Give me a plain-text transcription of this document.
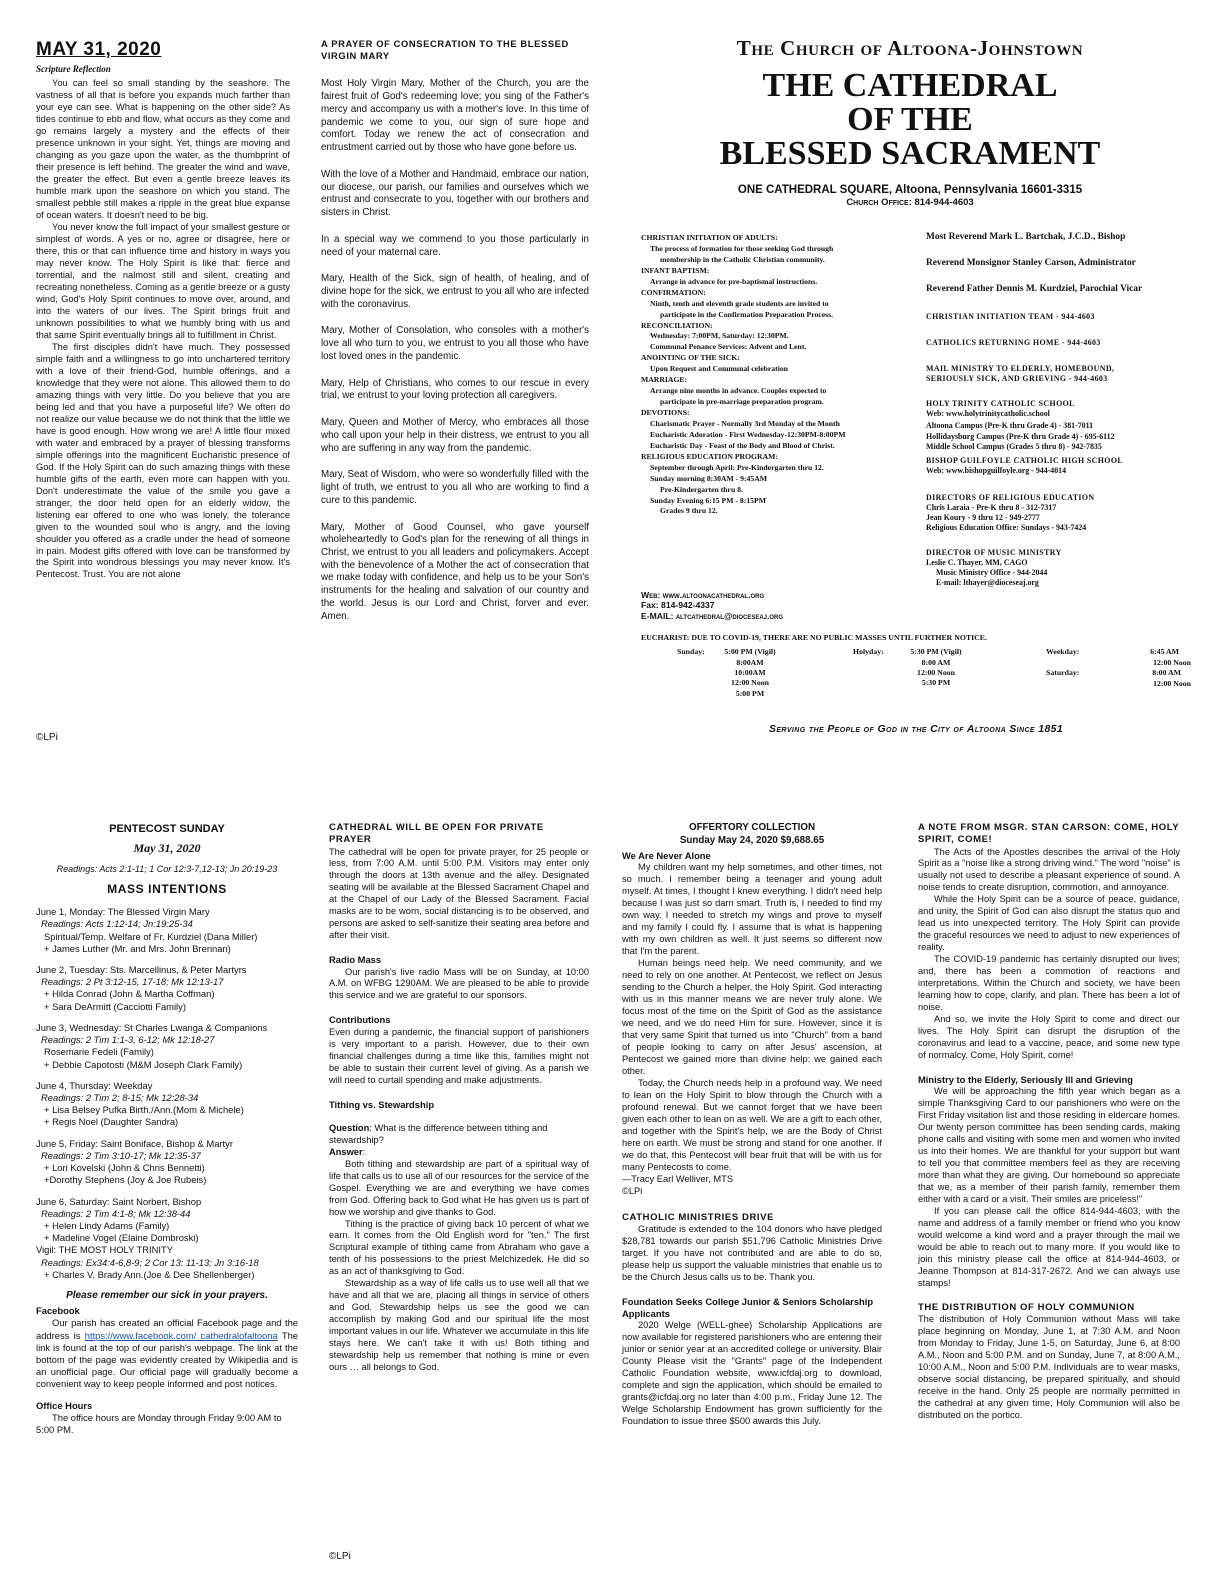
MAY 31, 2020
Scripture Reflection

You can feel so small standing by the seashore. The vastness of all that is before you expands much farther than your eye can see. What is happening on the other side? As tides continue to ebb and flow, what occurs as they come and go remains largely a mystery and the effects of their presence unknown in your sight. Yet, things are moving and changing as you gaze upon the water, as the thumbprint of their presence is left behind. The greater the wind and wave, the greater the effect. But even a gentle breeze leaves its humble mark upon the seashore on which you stand. The smallest pebble still makes a ripple in the great blue expanse of ocean waters. It doesn't need to be big.

You never know the full impact of your smallest gesture or simplest of words. A yes or no, agree or disagree, here or there, this or that can influence time and history in ways you may never know. The Holy Spirit is like that: fierce and torrential, and the nalmost still and silent, creating and recreating nonetheless. Coming as a gentle breeze or a gusty wind, God's Holy Spirit continues to move over, around, and into the waters of our lives. The Spirit brings fruit and unknown possibilities to what we humbly bring with us and that same Spirit eventually brings all to fulfillment in Christ.

The first disciples didn't have much. They possessed simple faith and a willingness to go into unchartered territory with a love of their friend-God, humble offerings, and a knowledge that they were not alone. This allowed them to do amazing things with very little. Do you believe that you are being led and that you have a purposeful life? We often do not realize our value because we do not think that the little we have is good enough. How wrong we are! A little flour mixed with water and embraced by a prayer of blessing transforms simple offerings into the magnificent Eucharistic presence of God. If the Holy Spirit can do such amazing things with these humble gifts of the earth, even more can happen with you. Don't underestimate the value of the smile you gave a stranger, the door held open for an elderly widow, the listening ear offered to one who was lonely, the tolerance given to the wounded soul who is angry, and the loving shoulder you offered as a cradle under the head of someone in pain. Modest gifts offered with love can be transformed by the Spirit into wondrous blessings you may never know. It's Pentecost. Trust. You are not alone

©LPi
A PRAYER OF CONSECRATION TO THE BLESSED VIRGIN MARY

Most Holy Virgin Mary, Mother of the Church, you are the fairest fruit of God's redeeming love; you sing of the Father's mercy and accompany us with a mother's love. In this time of pandemic we come to you, our sign of sure hope and comfort. Today we renew the act of consecration and entrustment carried out by those who have gone before us.

With the love of a Mother and Handmaid, embrace our nation, our diocese, our parish, our families and ourselves which we entrust and consecrate to you, together with our brothers and sisters in Christ.

In a special way we commend to you those particularly in need of your maternal care.

Mary, Health of the Sick, sign of health, of healing, and of divine hope for the sick, we entrust to you all who are infected with the coronavirus.

Mary, Mother of Consolation, who consoles with a mother's love all who turn to you, we entrust to you all those who have lost loved ones in the pandemic.

Mary, Help of Christians, who comes to our rescue in every trial, we entrust to your loving protection all caregivers.

Mary, Queen and Mother of Mercy, who embraces all those who call upon your help in their distress, we entrust to you all who are suffering in any way from the pandemic.

Mary, Seat of Wisdom, who were so wonderfully filled with the light of truth, we entrust to you all who are working to find a cure to this pandemic.

Mary, Mother of Good Counsel, who gave yourself wholeheartedly to God's plan for the renewing of all things in Christ, we entrust to you all leaders and policymakers. Accept with the benevolence of a Mother the act of consecration that we make today with confidence, and help us to be your Son's instruments for the healing and salvation of our country and the world. Jesus is our Lord and Christ, forver and ever. Amen.

The Church of Altoona-Johnstown
THE CATHEDRAL
OF THE
BLESSED SACRAMENT
ONE CATHEDRAL SQUARE, Altoona, Pennsylvania 16601-3315
Church Office: 814-944-4603
CHRISTIAN INITIATION OF ADULTS:
The process of formation for those seeking God through
membership in the Catholic Christian community.
INFANT BAPTISM:
Arrange in advance for pre-baptismal instructions.
CONFIRMATION:
Ninth, tenth and eleventh grade students are invited to
participate in the Confirmation Preparation Process.
RECONCILIATION:
Wednesday: 7:00PM, Saturday: 12:30PM.
Communal Penance Services: Advent and Lent.
ANOINTING OF THE SICK:
Upon Request and Communal celebration
MARRIAGE:
Arrange nine months in advance. Couples expected to
participate in pre-marriage preparation program.
DEVOTIONS:
Charismatic Prayer - Normally 3rd Monday of the Month
Eucharistic Adoration - First Wednesday-12:30PM-8:00PM
Eucharistic Day - Feast of the Body and Blood of Christ.
RELIGIOUS EDUCATION PROGRAM:
September through April: Pre-Kindergarten thru 12.
Sunday morning 8:30AM - 9:45AM
Pre-Kindergarten thru 8.
Sunday Evening 6:15 PM - 8:15PM
Grades 9 thru 12.
Web: www.altoonacathedral.org
Fax: 814-942-4337
E-MAIL: altcathedral@dioceseaj.org
Most Reverend Mark L. Bartchak, J.C.D., Bishop
Reverend Monsignor Stanley Carson, Administrator
Reverend Father Dennis M. Kurdziel, Parochial Vicar
CHRISTIAN INITIATION TEAM - 944-4603
CATHOLICS RETURNING HOME - 944-4603
MAIL MINISTRY TO ELDERLY, HOMEBOUND,
SERIOUSLY SICK, AND GRIEVING - 944-4603
HOLY TRINITY CATHOLIC SCHOOL
Web: www.holytrinitycatholic.school
Altoona Campus (Pre-K thru Grade 4) - 381-7011
Hollidaysburg Campus (Pre-K thru Grade 4) - 695-6112
Middle School Campus (Grades 5 thru 8) - 942-7835
BISHOP GUILFOYLE CATHOLIC HIGH SCHOOL
Web: www.bishopguilfoyle.org - 944-4014
DIRECTORS OF RELIGIOUS EDUCATION
Chris Laraia - Pre-K thru 8 - 312-7317
Jean Koury - 9 thru 12 - 949-2777
Religious Education Office: Sundays - 943-7424
DIRECTOR OF MUSIC MINISTRY
Leslie C. Thayer, MM, CAGO
Music Ministry Office - 944-2044
E-mail: lthayer@dioceseaj.org
EUCHARIST: DUE TO COVID-19, THERE ARE NO PUBLIC MASSES UNTIL FURTHER NOTICE.
Sunday:	5:00 PM (Vigil)
8:00AM
10:00AM
12:00 Noon
5:00 PM
Holyday:	5:30 PM (Vigil)
8:00 AM
12:00 Noon
5:30 PM
Weekday:	6:45 AM
12:00 Noon
Saturday:	8:00 AM
12:00 Noon
Serving the People of God in the City of Altoona Since 1851
PENTECOST SUNDAY
May 31, 2020
Readings: Acts 2:1-11; 1 Cor 12:3-7,12-13; Jn 20:19-23
MASS INTENTIONS
June 1, Monday: The Blessed Virgin Mary
Readings: Acts 1:12-14; Jn:19:25-34
Spiritual/Temp. Welfare of Fr. Kurdziel (Dana Miller)
+ James Luther (Mr. and Mrs. John Brennan)
June 2, Tuesday: Sts. Marcellinus, & Peter Martyrs
Readings: 2 Pt 3:12-15, 17-18; Mk 12:13-17
+ Hilda Conrad (John & Martha Coffman)
+ Sara DeArmitt (Cacciotti Family)
June 3, Wednesday: St Charles Lwanga & Companions
Readings: 2 Tim 1:1-3, 6-12; Mk 12:18-27
Rosemarie Fedeli (Family)
+ Debbie Capotosti (M&M Joseph Clark Family)
June 4, Thursday: Weekday
Readings: 2 Tim 2; 8-15; Mk 12:28-34
+ Lisa Belsey Pufka Birth./Ann.(Mom & Michele)
+ Regis Noel (Daughter Sandra)
June 5, Friday: Saint Boniface, Bishop & Martyr
Readings: 2 Tim 3:10-17; Mk 12:35-37
+ Lori Kovelski (John & Chris Bennetti)
+Dorothy Stephens (Joy & Joe Rubeis)
June 6, Saturday: Saint Norbert, Bishop
Readings: 2 Tim 4:1-8; Mk 12:38-44
+ Helen Lindy Adams (Family)
+ Madeline Vogel (Elaine Dombroski)
Vigil: THE MOST HOLY TRINITY
Readings: Ex34:4-6,8-9; 2 Cor 13: 11-13; Jn 3:16-18
+ Charles V. Brady Ann.(Joe & Dee Shellenberger)
Please remember our sick in your prayers.
Facebook

Our parish has created an official Facebook page and the address is https://www.facebook.com/ cathedralofaltoona The link is found at the top of our parish's webpage. The link at the bottom of the page was evidently created by Wikipedia and is an unofficial page. Our official page will gradually become a convenient way to keep people informed and post notices.

Office Hours

The office hours are Monday through Friday 9:00 AM to 5:00 PM.

CATHEDRAL WILL BE OPEN FOR PRIVATE PRAYER

The cathedral will be open for private prayer, for 25 people or less, from 7:00 A.M. until 5:00 P.M. Visitors may enter only through the doors at 13th avenue and the alley. Designated seating will be available at the Blessed Sacrament Chapel and at the Chapel of our Lady of the Blessed Sacrament. Facial masks are to be worn, social distancing is to be observed, and persons are asked to self-sanitize their seating area before and after their visit.

Radio Mass

Our parish's live radio Mass will be on Sunday, at 10:00 A.M. on WFBG 1290AM. We are pleased to be able to provide this service and we are grateful to our sponsors.

Contributions

Even during a pandemic, the financial support of parishioners is very important to a parish. However, due to their own financial challenges during a time like this, families might not be able to sustain their current level of giving. As a parish we will need to curtail spending and make adjustments.

Tithing vs. Stewardship

Question: What is the difference between tithing and stewardship?

Answer:

Both tithing and stewardship are part of a spiritual way of life that calls us to use all of our resources for the service of the Gospel. Everything we are and everything we have comes from God. Offering back to God what He has given us is part of how we worship and give thanks to God.

Tithing is the practice of giving back 10 percent of what we earn. It comes from the Old English word for "ten." The first Scriptural example of tithing came from Abraham who gave a tenth of his possessions to the priest Melchizedek. He did so as an act of thanksgiving to God.

Stewardship as a way of life calls us to use well all that we have and all that we are, placing all things in service of others and God. Stewardship helps us see the good we can accomplish by making God and our spiritual life the most important values in our life. Whatever we accumulate in this life stays here. We can't take it with us! Both tithing and stewardship help us remember that nothing is mine or even ours … all belongs to God.

©LPi
OFFERTORY COLLECTION
Sunday May 24, 2020 $9,688.65
We Are Never Alone

My children want my help sometimes, and other times, not so much. I remember being a teenager and young adult myself. At times, I thought I knew everything. I didn't need help because I was just so darn smart. Truth is, I needed to find my own way. I needed to stretch my wings and prove to myself and my family I could fly. I assume that is what is happening with my own children as well. It just seems so different now that I'm the parent.

Human beings need help. We need community, and we need to rely on one another. At Pentecost, we reflect on Jesus sending to the Church a helper, the Holy Spirit. God interacting with us in this manner means we are never truly alone. We focus most of the time on the Spirit of God as the assistance we need, and we do need Him for sure. However, since it is that very same Spirit that turned us into "Church" from a band of people looking to carry on after Jesus' ascension, at Pentecost we gained more than divine help: we gained each other.

Today, the Church needs help in a profound way. We need to lean on the Holy Spirit to blow through the Church with a profound renewal. But we cannot forget that we have been given each other to lean on as well. We are a gift to each other, and together with the Spirit's help, we are the Body of Christ here on earth. We must be strong and stand for one another. If we do that, this Pentecost will bear fruit that will be with us for many Pentecosts to come.

—Tracy Earl Welliver, MTS

©LPi

CATHOLIC MINISTRIES DRIVE

Gratitude is extended to the 104 donors who have pledged $28,781 towards our parish $51,796 Catholic Ministries Drive target. If you have not contributed and are able to do so, please help us support the valuable ministries that enable us to be the Church Jesus calls us to be. Thank you.

Foundation Seeks College Junior & Seniors Scholarship Applicants

2020 Welge (WELL-ghee) Scholarship Applications are now available for registered parishioners who are entering their junior or senior year at an accredited college or university. Blair County Please visit the "Grants" page of the Independent Catholic Foundation website, www.icfdaj.org to download, complete and sign the application, which should be emailed to grants@icfdaj.org no later than 4:00 p.m., Friday June 12. The Welge Scholarship Endowment has grown sufficiently for the Foundation to issue three $500 awards this July.

A NOTE FROM MSGR. STAN CARSON: COME, HOLY SPIRIT, COME!

The Acts of the Apostles describes the arrival of the Holy Spirit as a "noise like a strong driving wind." The word "noise" is usually not used to describe a pleasant experience of sound. A noise tends to create disruption, commotion, and annoyance.

While the Holy Spirit can be a source of peace, guidance, and unity, the Spirit of God can also disrupt the status quo and lead us into unexpected territory. The Holy Spirit can provide the graceful resources we need to adjust to new experiences of reality.

The COVID-19 pandemic has certainly disrupted our lives; and, there has been a commotion of reactions and interpretations. Within the Church and society, we have been learning how to cope, clarify, and plan. There has been a lot of noise.

And so, we invite the Holy Spirit to come and direct our lives. The Holy Spirit can disrupt the disruption of the coronavirus and lead to a vaccine, peace, and some new type of normalcy. Come, Holy Spirit, come!

Ministry to the Elderly, Seriously Ill and Grieving

We will be approaching the fifth year which began as a simple Thanksgiving Card to our parishioners who were on the First Friday visitation list and those residing in eldercare homes. Our twenty person committee has been sending cards, making phone calls and visiting with some men and women who invited us into their homes. We are thankful for your support but want to tell you that committee members feel as they are receiving more than what they are giving. Our homebound so appreciate that we, as a member of their parish family, remember them either with a card or a visit. Their smiles are priceless!"

If you can please call the office 814-944-4603, with the name and address of a family member or friend who you know would welcome a kind word and a prayer through the mail we would be able to reach out to many more. If you would like to join this ministry please call the office at 814-944-4603, or Jeanne Thompson at 814-317-2672. And we can always use stamps!

THE DISTRIBUTION OF HOLY COMMUNION

The distribution of Holy Communion without Mass will take place beginning on Monday, June 1, at 7:30 A.M. and Noon from Monday to Friday, June 1-5, on Saturday, June 6, at 8:00 A.M., Noon and 5:00 P.M. and on Sunday, June 7, at 8:00 A.M., 10:00 A.M., Noon and 5:00 P.M. Individuals are to wear masks, observe social distancing, be prepared spiritually, and should receive in the hand. Only 25 people are normally permitted in the cathedral at any given time, Holy Communion will also be distributed on the portico.
